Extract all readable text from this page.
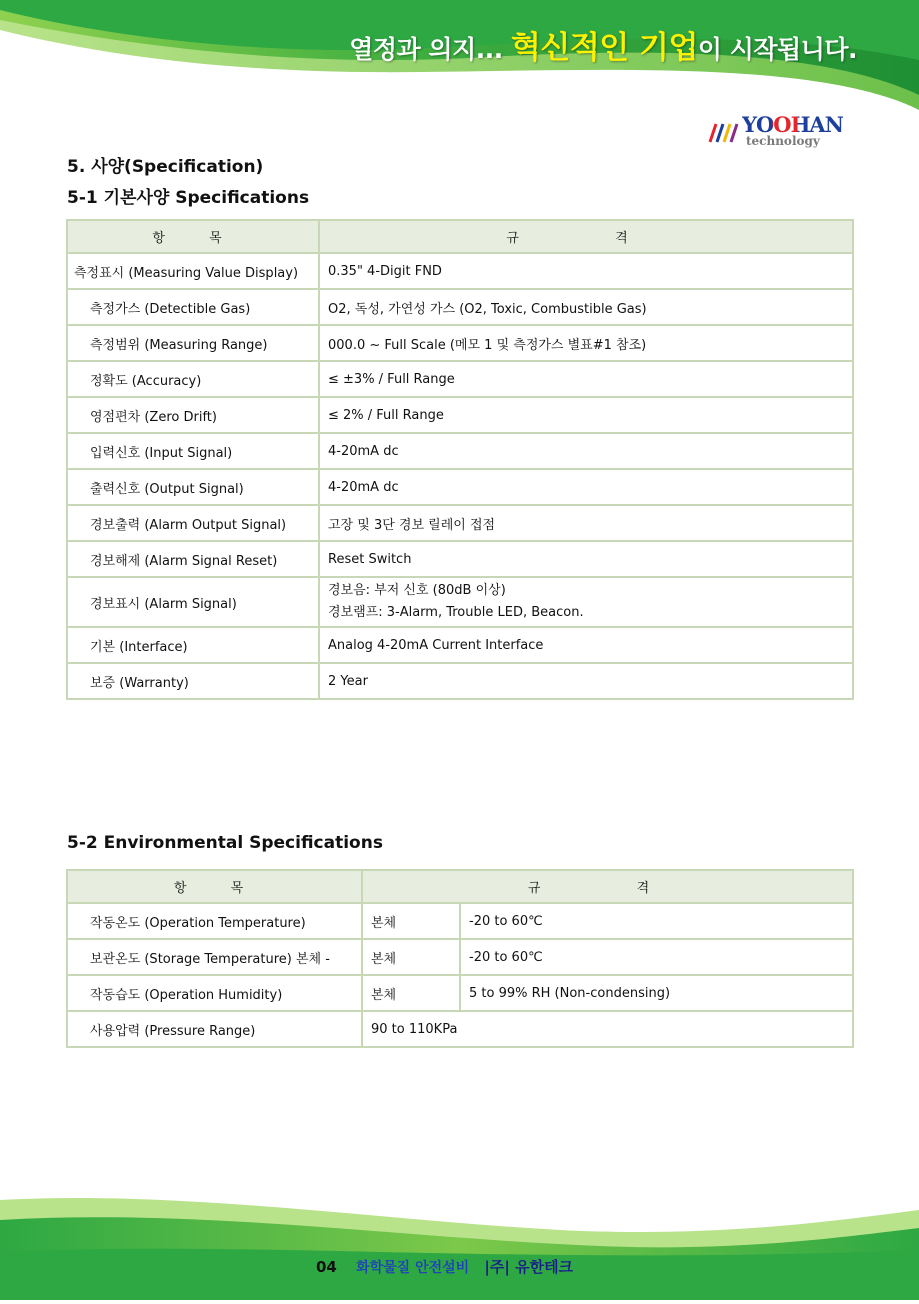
열정과 의지... 혁신적인 기업이 시작됩니다.
YOOHAN
technology
5. 사양(Specification)
5-1 기본사양 Specifications
항 목	규 격
측정표시 (Measuring Value Display)	0.35" 4-Digit FND
측정가스 (Detectible Gas)	O2, 독성, 가연성 가스 (O2, Toxic, Combustible Gas)
측정범위 (Measuring Range)	000.0 ~ Full Scale (메모 1 및 측정가스 별표#1 참조)
정확도 (Accuracy)	≤ ±3% / Full Range
영점편차 (Zero Drift)	≤ 2% / Full Range
입력신호 (Input Signal)	4-20mA dc
출력신호 (Output Signal)	4-20mA dc
경보출력 (Alarm Output Signal)	고장 및 3단 경보 릴레이 접점
경보해제 (Alarm Signal Reset)	Reset Switch
경보표시 (Alarm Signal)	경보음: 부저 신호 (80dB 이상)
경보램프: 3-Alarm, Trouble LED, Beacon.

기본 (Interface)	Analog 4-20mA Current Interface
보증 (Warranty)	2 Year
5-2 Environmental Specifications
항 목	규 격	
작동온도 (Operation Temperature)	본체	-20 to 60℃
보관온도 (Storage Temperature) 본체 -	본체	-20 to 60℃
작동습도 (Operation Humidity)	본체	5 to 99% RH (Non-condensing)
사용압력 (Pressure Range)	90 to 110KPa	
04 화학물질 안전설비 |주| 유한테크
